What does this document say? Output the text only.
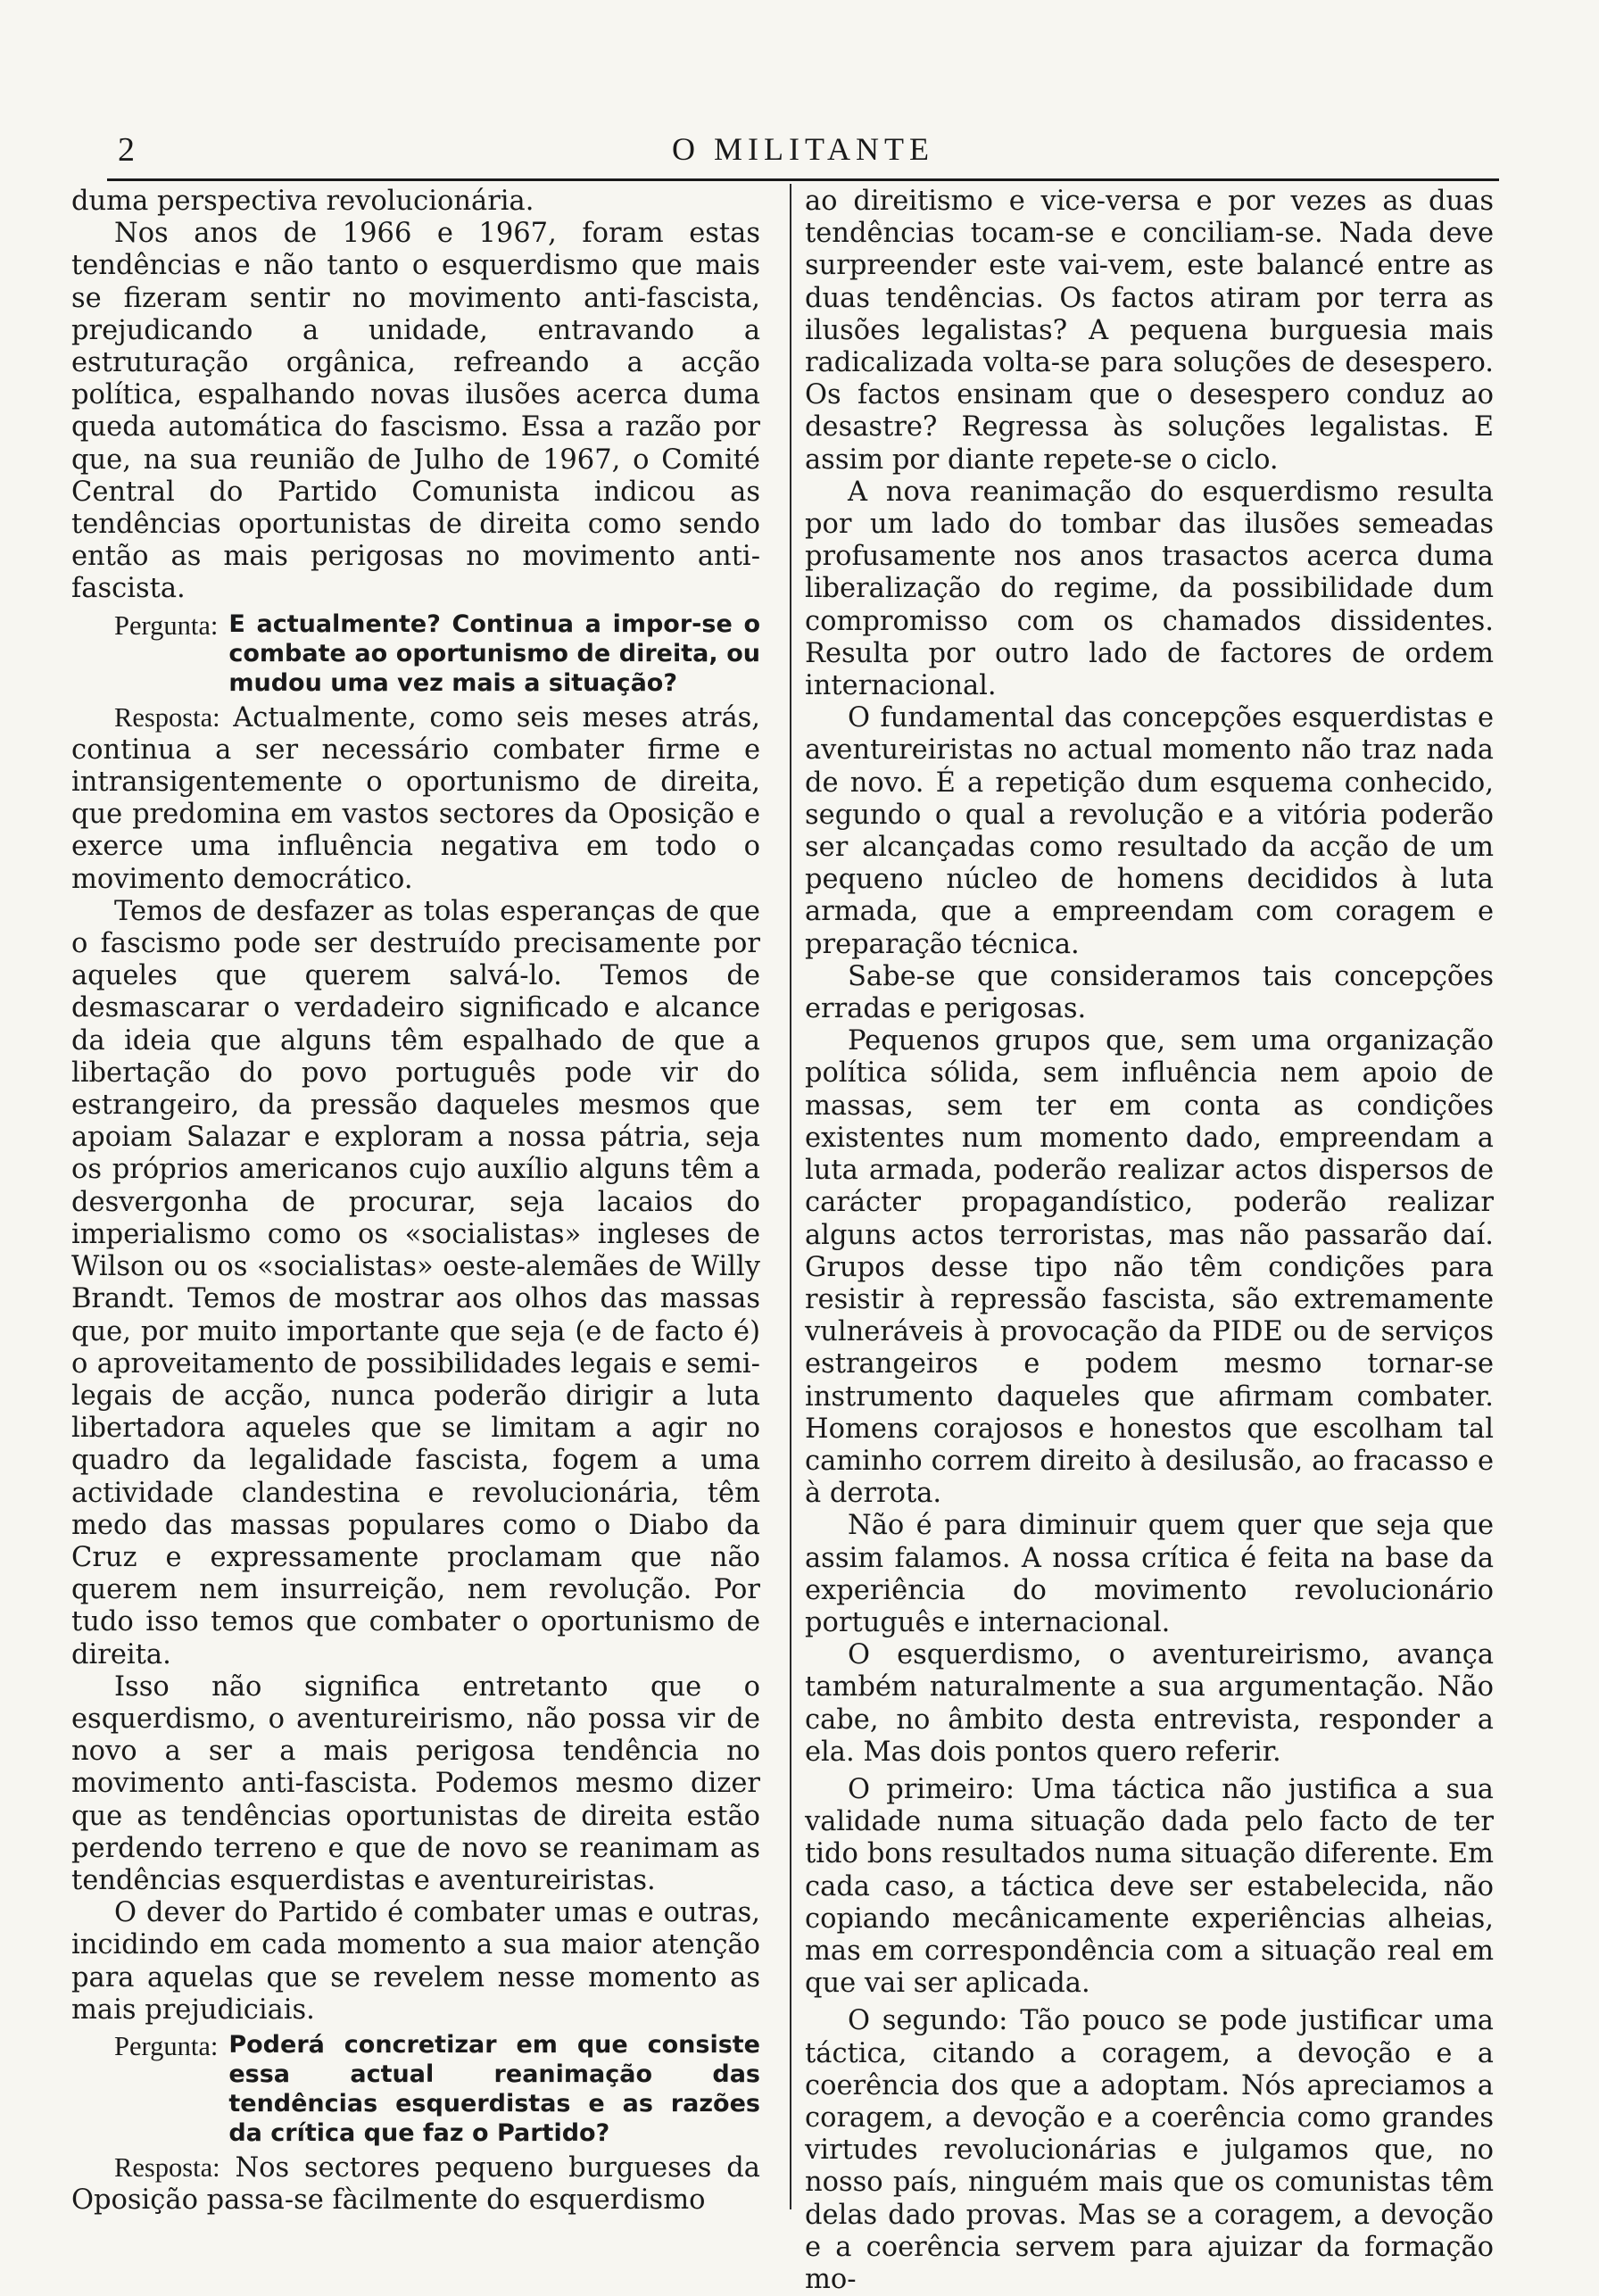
2	O MILITANTE

duma perspectiva revolucionária.

Nos anos de 1966 e 1967, foram estas tendências e não tanto o esquerdismo que mais se fizeram sentir no movimento anti-fascista, prejudicando a unidade, entravando a estruturação orgânica, refreando a acção política, espalhando novas ilusões acerca duma queda automática do fascismo. Essa a razão por que, na sua reunião de Julho de 1967, o Comité Central do Partido Comunista indicou as tendências oportunistas de direita como sendo então as mais perigosas no movimento anti-fascista.

Pergunta: E actualmente? Continua a impor-se o combate ao oportunismo de direita, ou mudou uma vez mais a situação?

Resposta: Actualmente, como seis meses atrás, continua a ser necessário combater firme e intransigentemente o oportunismo de direita, que predomina em vastos sectores da Oposição e exerce uma influência negativa em todo o movimento democrático.

Temos de desfazer as tolas esperanças de que o fascismo pode ser destruído precisamente por aqueles que querem salvá-lo. Temos de desmascarar o verdadeiro significado e alcance da ideia que alguns têm espalhado de que a libertação do povo português pode vir do estrangeiro, da pressão daqueles mesmos que apoiam Salazar e exploram a nossa pátria, seja os próprios americanos cujo auxílio alguns têm a desvergonha de procurar, seja lacaios do imperialismo como os «socialistas» ingleses de Wilson ou os «socialistas» oeste-alemães de Willy Brandt. Temos de mostrar aos olhos das massas que, por muito importante que seja (e de facto é) o aproveitamento de possibilidades legais e semi-legais de acção, nunca poderão dirigir a luta libertadora aqueles que se limitam a agir no quadro da legalidade fascista, fogem a uma actividade clandestina e revolucionária, têm medo das massas populares como o Diabo da Cruz e expressamente proclamam que não querem nem insurreição, nem revolução. Por tudo isso temos que combater o oportunismo de direita.

Isso não significa entretanto que o esquerdismo, o aventureirismo, não possa vir de novo a ser a mais perigosa tendência no movimento anti-fascista. Podemos mesmo dizer que as tendências oportunistas de direita estão perdendo terreno e que de novo se reanimam as tendências esquerdistas e aventureiristas.

O dever do Partido é combater umas e outras, incidindo em cada momento a sua maior atenção para aquelas que se revelem nesse momento as mais prejudiciais.

Pergunta: Poderá concretizar em que consiste essa actual reanimação das tendências esquerdistas e as razões da crítica que faz o Partido?

Resposta: Nos sectores pequeno burgueses da Oposição passa-se fàcilmente do esquerdismo

ao direitismo e vice-versa e por vezes as duas tendências tocam-se e conciliam-se. Nada deve surpreender este vai-vem, este balancé entre as duas tendências. Os factos atiram por terra as ilusões legalistas? A pequena burguesia mais radicalizada volta-se para soluções de desespero. Os factos ensinam que o desespero conduz ao desastre? Regressa às soluções legalistas. E assim por diante repete-se o ciclo.

A nova reanimação do esquerdismo resulta por um lado do tombar das ilusões semeadas profusamente nos anos trasactos acerca duma liberalização do regime, da possibilidade dum compromisso com os chamados dissidentes. Resulta por outro lado de factores de ordem internacional.

O fundamental das concepções esquerdistas e aventureiristas no actual momento não traz nada de novo. É a repetição dum esquema conhecido, segundo o qual a revolução e a vitória poderão ser alcançadas como resultado da acção de um pequeno núcleo de homens decididos à luta armada, que a empreendam com coragem e preparação técnica.

Sabe-se que consideramos tais concepções erradas e perigosas.

Pequenos grupos que, sem uma organização política sólida, sem influência nem apoio de massas, sem ter em conta as condições existentes num momento dado, empreendam a luta armada, poderão realizar actos dispersos de carácter propagandístico, poderão realizar alguns actos terroristas, mas não passarão daí. Grupos desse tipo não têm condições para resistir à repressão fascista, são extremamente vulneráveis à provocação da PIDE ou de serviços estrangeiros e podem mesmo tornar-se instrumento daqueles que afirmam combater. Homens corajosos e honestos que escolham tal caminho correm direito à desilusão, ao fracasso e à derrota.

Não é para diminuir quem quer que seja que assim falamos. A nossa crítica é feita na base da experiência do movimento revolucionário português e internacional.

O esquerdismo, o aventureirismo, avança também naturalmente a sua argumentação. Não cabe, no âmbito desta entrevista, responder a ela. Mas dois pontos quero referir.

O primeiro: Uma táctica não justifica a sua validade numa situação dada pelo facto de ter tido bons resultados numa situação diferente. Em cada caso, a táctica deve ser estabelecida, não copiando mecânicamente experiências alheias, mas em correspondência com a situação real em que vai ser aplicada.

O segundo: Tão pouco se pode justificar uma táctica, citando a coragem, a devoção e a coerência dos que a adoptam. Nós apreciamos a coragem, a devoção e a coerência como grandes virtudes revolucionárias e julgamos que, no nosso país, ninguém mais que os comunistas têm delas dado provas. Mas se a coragem, a devoção e a coerência servem para ajuizar da formação mo-
